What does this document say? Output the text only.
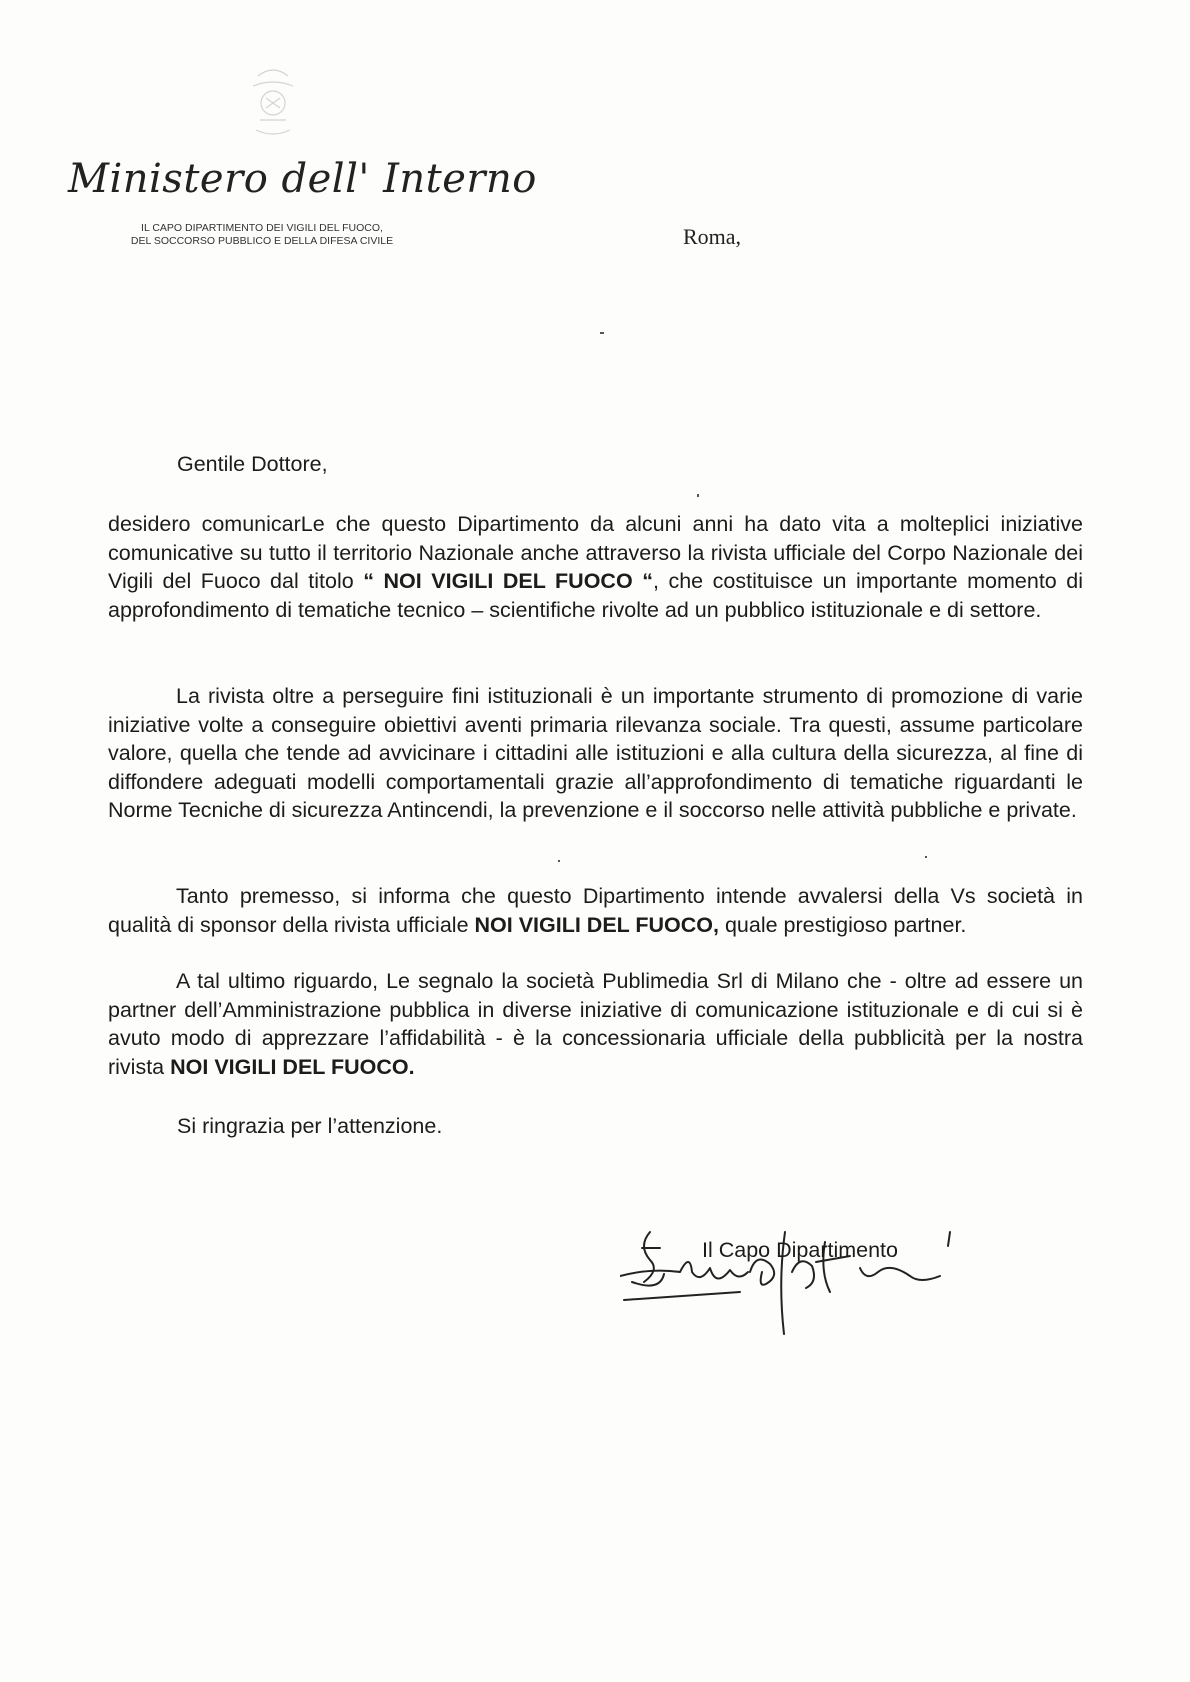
Ministero dell' Interno
IL CAPO DIPARTIMENTO DEI VIGILI DEL FUOCO,
DEL SOCCORSO PUBBLICO E DELLA DIFESA CIVILE	Roma,
Gentile Dottore,

desidero comunicarLe che questo Dipartimento da alcuni anni ha dato vita a molteplici iniziative comunicative su tutto il territorio Nazionale anche attraverso la rivista ufficiale del Corpo Nazionale dei Vigili del Fuoco dal titolo “ NOI VIGILI DEL FUOCO “, che costituisce un importante momento di approfondimento di tematiche tecnico – scientifiche rivolte ad un pubblico istituzionale e di settore.

La rivista oltre a perseguire fini istituzionali è un importante strumento di promozione di varie iniziative volte a conseguire obiettivi aventi primaria rilevanza sociale. Tra questi, assume particolare valore, quella che tende ad avvicinare i cittadini alle istituzioni e alla cultura della sicurezza, al fine di diffondere adeguati modelli comportamentali grazie all’approfondimento di tematiche riguardanti le Norme Tecniche di sicurezza Antincendi, la prevenzione e il soccorso nelle attività pubbliche e private.

Tanto premesso, si informa che questo Dipartimento intende avvalersi della Vs società in qualità di sponsor della rivista ufficiale NOI VIGILI DEL FUOCO, quale prestigioso partner.

A tal ultimo riguardo, Le segnalo la società Publimedia Srl di Milano che - oltre ad essere un partner dell’Amministrazione pubblica in diverse iniziative di comunicazione istituzionale e di cui si è avuto modo di apprezzare l’affidabilità - è la concessionaria ufficiale della pubblicità per la nostra rivista NOI VIGILI DEL FUOCO.

Si ringrazia per l’attenzione.
Il Capo Dipartimento
